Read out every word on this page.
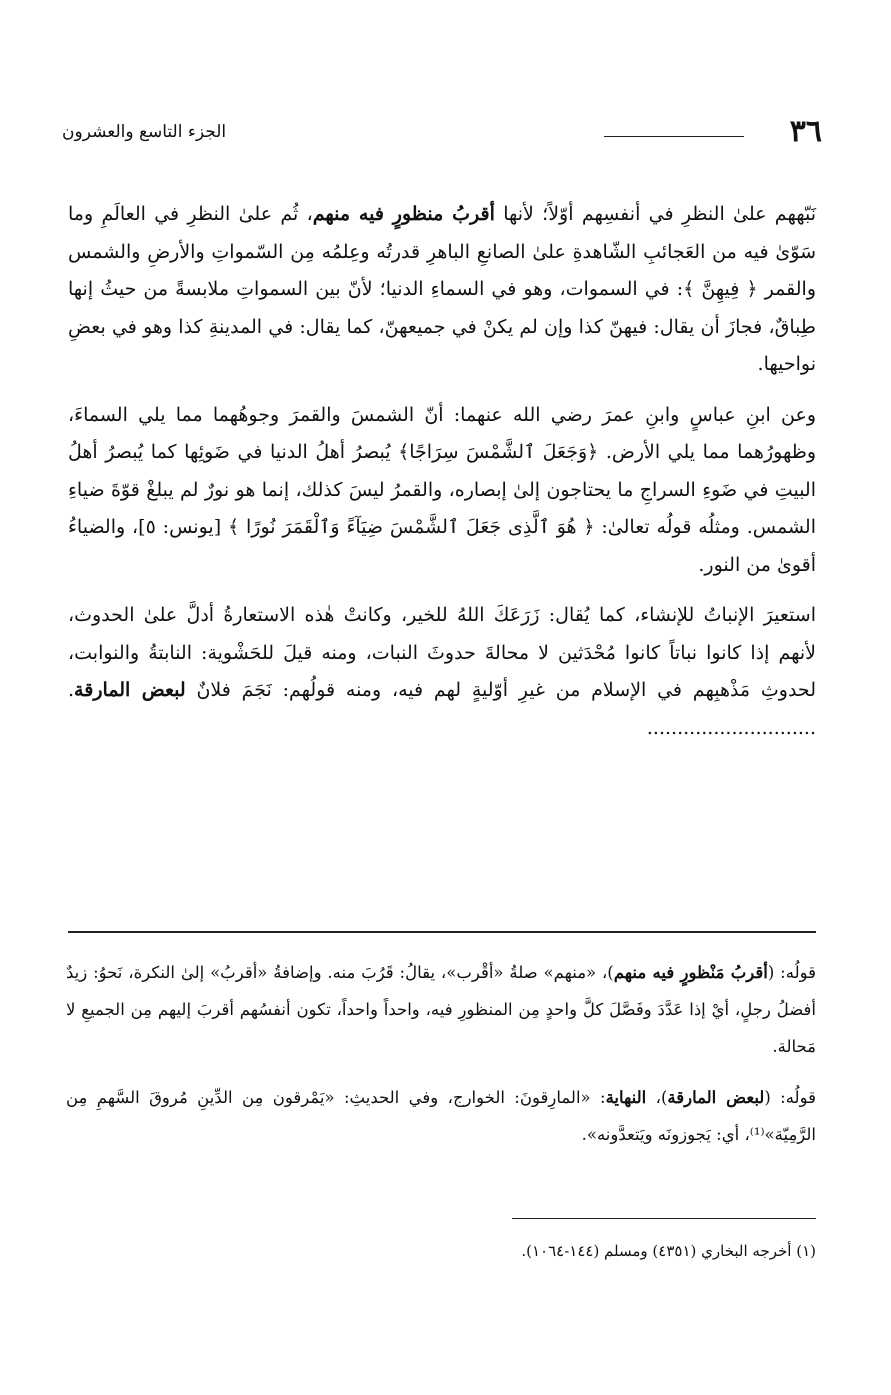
٣٦
الجزء التاسع والعشرون

نَبّههم علىٰ النظرِ في أنفسِهم أوّلاً؛ لأنها أقربُ منظورٍ فيه منهم، ثُم علىٰ النظرِ في العالَمِ وما سَوّىٰ فيه من العَجائبِ الشّاهدةِ علىٰ الصانعِ الباهرِ قدرتُه وعِلمُه مِن السّمواتِ والأرضِ والشمس والقمر ﴿ فِيهِنَّ ﴾: في السموات، وهو في السماءِ الدنيا؛ لأنّ بين السمواتِ ملابسةً من حيثُ إنها طِباقٌ، فجازَ أن يقال: فيهنّ كذا وإن لم يكنْ في جميعهنّ، كما يقال: في المدينةِ كذا وهو في بعضِ نواحيها.

وعن ابنِ عباسٍ وابنِ عمرَ رضي الله عنهما: أنّ الشمسَ والقمرَ وجوهُهما مما يلي السماءَ، وظهورُهما مما يلي الأرض. ﴿وَجَعَلَ ٱلشَّمْسَ سِرَاجًا﴾ يُبصرُ أهلُ الدنيا في ضَوئِها كما يُبصرُ أهلُ البيتِ في ضَوءِ السراجِ ما يحتاجون إلىٰ إبصاره، والقمرُ ليسَ كذلك، إنما هو نورٌ لم يبلغْ قوّةَ ضياءِ الشمس. ومثلُه قولُه تعالىٰ: ﴿ هُوَ ٱلَّذِى جَعَلَ ٱلشَّمْسَ ضِيَآءً وَٱلْقَمَرَ نُورًا ﴾ [يونس: ٥]، والضياءُ أقوىٰ من النور.

استعيرَ الإنباتُ للإنشاء، كما يُقال: زَرَعَكَ اللهُ للخير، وكانتْ هٰذه الاستعارةُ أدلَّ علىٰ الحدوث، لأنهم إذا كانوا نباتاً كانوا مُحْدَثين لا محالةَ حدوثَ النبات، ومنه قيلَ للحَشْوية: النابتةُ والنوابت، لحدوثِ مَذْهبِهم في الإسلام من غيرِ أوّليةٍ لهم فيه، ومنه قولُهم: نَجَمَ فلانٌ لبعض المارقة. ............................

قولُه: (أقربُ مَنْظورٍ فيه منهم)، «منهم» صلةُ «أقْرب»، يقالُ: قَرُبَ منه. وإضافةُ «أقربُ» إلىٰ النكرة، نَحوُ: زيدٌ أفضلُ رجلٍ، أيْ إذا عَدَّدَ وفَصَّلَ كلَّ واحدٍ مِن المنظورِ فيه، واحداً واحداً، تكون أنفسُهم أقربَ إليهم مِن الجميعِ لا مَحالة.

قولُه: (لبعض المارقة)، النهاية: «المارِقونَ: الخوارج، وفي الحديثِ: «يَمْرقون مِن الدِّينِ مُروقَ السَّهمِ مِن الرَّمِيّة»⁽¹⁾، أي: يَجوزونَه ويَتعدَّونه».

(١) أخرجه البخاري (٤٣٥١) ومسلم (١٤٤-١٠٦٤).
